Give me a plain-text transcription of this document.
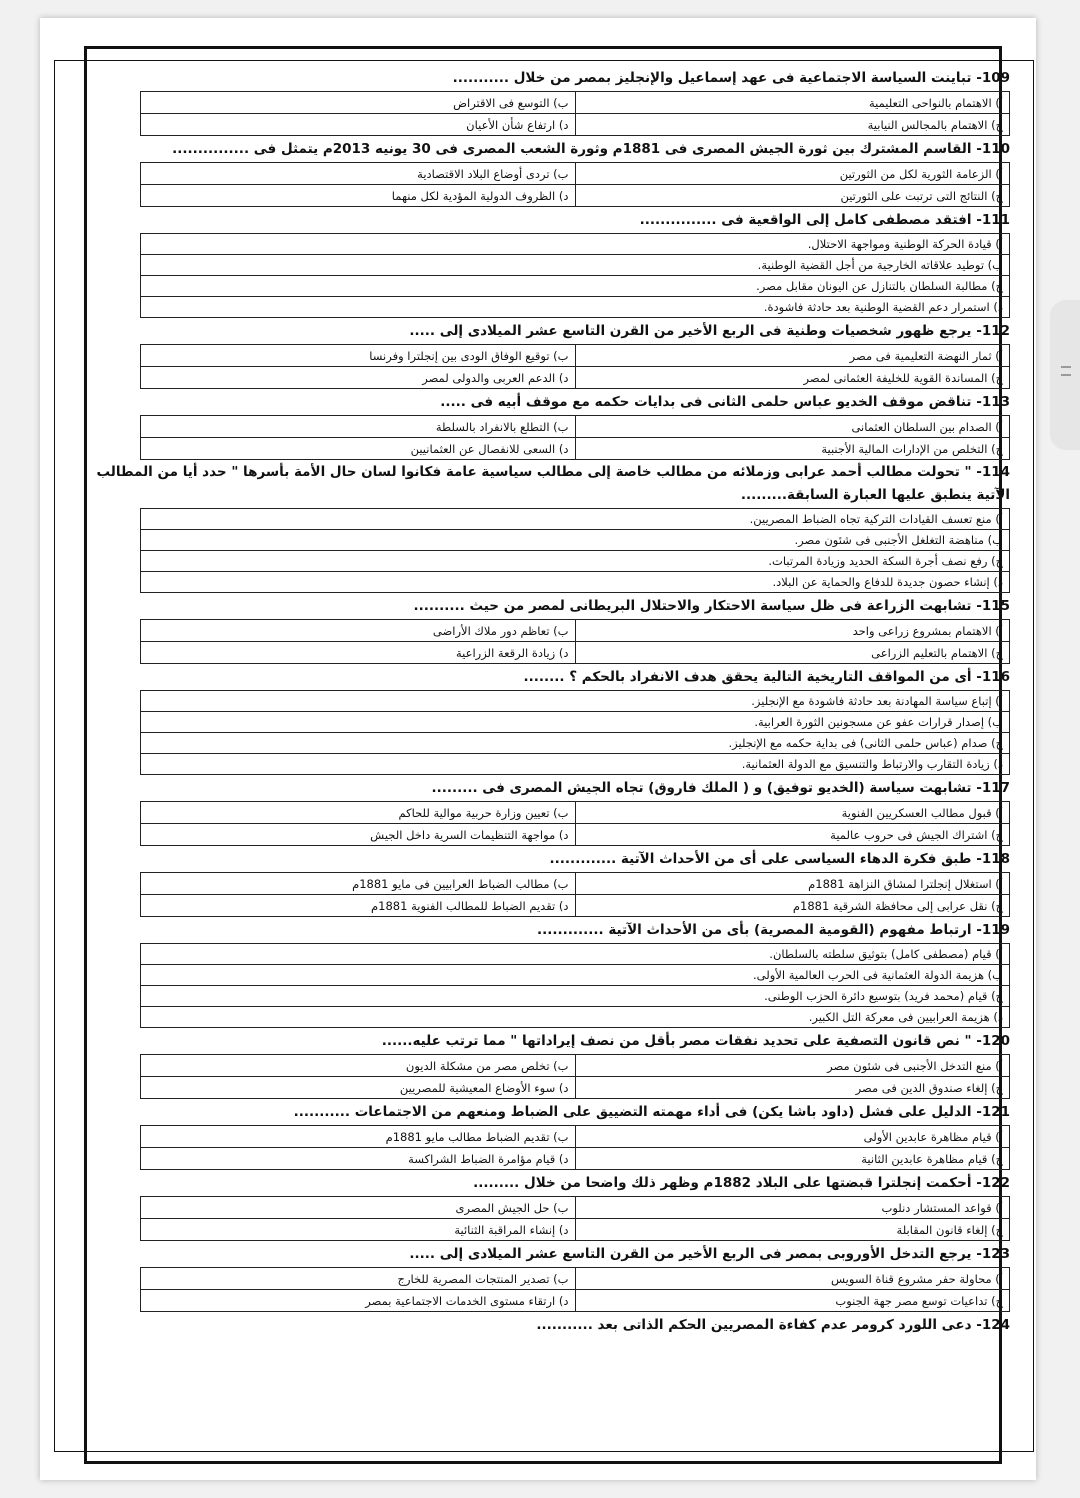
109- تباينت السياسة الاجتماعية فى عهد إسماعيل والإنجليز بمصر من خلال ...........
أ) الاهتمام بالنواحى التعليمية	ب) التوسع فى الاقتراض
ج) الاهتمام بالمجالس النيابية	د) ارتفاع شأن الأعيان
110- القاسم المشترك بين ثورة الجيش المصرى فى 1881م وثورة الشعب المصرى فى 30 يونيه 2013م يتمثل فى ...............
أ) الزعامة الثورية لكل من الثورتين	ب) تردى أوضاع البلاد الاقتصادية
ج) النتائج التى ترتبت على الثورتين	د) الظروف الدولية المؤدية لكل منهما
111- افتقد مصطفى كامل إلى الواقعية فى ...............
أ) قيادة الحركة الوطنية ومواجهة الاحتلال.
ب) توطيد علاقاته الخارجية من أجل القضية الوطنية.
ج) مطالبة السلطان بالتنازل عن اليونان مقابل مصر.
د) استمرار دعم القضية الوطنية بعد حادثة فاشودة.
112- يرجع ظهور شخصيات وطنية فى الربع الأخير من القرن التاسع عشر الميلادى إلى .....
أ) ثمار النهضة التعليمية فى مصر	ب) توقيع الوفاق الودى بين إنجلترا وفرنسا
ج) المساندة القوية للخليفة العثمانى لمصر	د) الدعم العربى والدولى لمصر
113- تناقض موقف الخديو عباس حلمى الثانى فى بدايات حكمه مع موقف أبيه فى .....
أ) الصدام بين السلطان العثمانى	ب) التطلع بالانفراد بالسلطة
ج) التخلص من الإدارات المالية الأجنبية	د) السعى للانفصال عن العثمانيين
114- " تحولت مطالب أحمد عرابى وزملائه من مطالب خاصة إلى مطالب سياسية عامة فكانوا لسان حال الأمة بأسرها " حدد أيا من المطالب الآتية ينطبق عليها العبارة السابقة.........
أ) منع تعسف القيادات التركية تجاه الضباط المصريين.
ب) مناهضة التغلغل الأجنبى فى شئون مصر.
ج) رفع نصف أجرة السكة الحديد وزيادة المرتبات.
د) إنشاء حصون جديدة للدفاع والحماية عن البلاد.
115- تشابهت الزراعة فى ظل سياسة الاحتكار والاحتلال البريطانى لمصر من حيث ..........
أ) الاهتمام بمشروع زراعى واحد	ب) تعاظم دور ملاك الأراضى
ج) الاهتمام بالتعليم الزراعى	د) زيادة الرقعة الزراعية
116- أى من المواقف التاريخية التالية يحقق هدف الانفراد بالحكم ؟ ........
أ) إتباع سياسة المهادنة بعد حادثة فاشودة مع الإنجليز.
ب) إصدار قرارات عفو عن مسجونين الثورة العرابية.
ج) صدام (عباس حلمى الثانى) فى بداية حكمه مع الإنجليز.
د) زيادة التقارب والارتباط والتنسيق مع الدولة العثمانية.
117- تشابهت سياسة (الخديو توفيق) و ( الملك فاروق) تجاه الجيش المصرى فى .........
أ) قبول مطالب العسكريين الفنوية	ب) تعيين وزارة حربية موالية للحاكم
ج) اشتراك الجيش فى حروب عالمية	د) مواجهة التنظيمات السرية داخل الجيش
118- طبق فكرة الدهاء السياسى على أى من الأحداث الآتية .............
أ) استغلال إنجلترا لمشاق النزاهة 1881م	ب) مطالب الضباط العرابيين فى مايو 1881م
ج) نقل عرابى إلى محافظة الشرقية 1881م	د) تقديم الضباط للمطالب الفنوية 1881م
119- ارتباط مفهوم (القومية المصرية) بأى من الأحداث الآتية .............
أ) قيام (مصطفى كامل) بتوثيق سلطته بالسلطان.
ب) هزيمة الدولة العثمانية فى الحرب العالمية الأولى.
ج) قيام (محمد فريد) بتوسيع دائرة الحزب الوطنى.
د) هزيمة العرابيين فى معركة التل الكبير.
120- " نص قانون التصفية على تحديد نفقات مصر بأقل من نصف إيراداتها " مما ترتب عليه......
أ) منع التدخل الأجنبى فى شئون مصر	ب) تخلص مصر من مشكلة الديون
ج) إلغاء صندوق الدين فى مصر	د) سوء الأوضاع المعيشية للمصريين
121- الدليل على فشل (داود باشا يكن) فى أداء مهمته التضييق على الضباط ومنعهم من الاجتماعات ...........
أ) قيام مظاهرة عابدين الأولى	ب) تقديم الضباط مطالب مايو 1881م
ج) قيام مظاهرة عابدين الثانية	د) قيام مؤامرة الضباط الشراكسة
122- أحكمت إنجلترا قبضتها على البلاد 1882م وظهر ذلك واضحا من خلال .........
أ) قواعد المستشار دنلوب	ب) حل الجيش المصرى
ج) إلغاء قانون المقابلة	د) إنشاء المراقبة الثنائية
123- يرجع التدخل الأوروبى بمصر فى الربع الأخير من القرن التاسع عشر الميلادى إلى .....
أ) محاولة حفر مشروع قناة السويس	ب) تصدير المنتجات المصرية للخارج
ج) تداعيات توسع مصر جهة الجنوب	د) ارتقاء مستوى الخدمات الاجتماعية بمصر
124- دعى اللورد كرومر عدم كفاءة المصريين الحكم الذاتى بعد ...........
